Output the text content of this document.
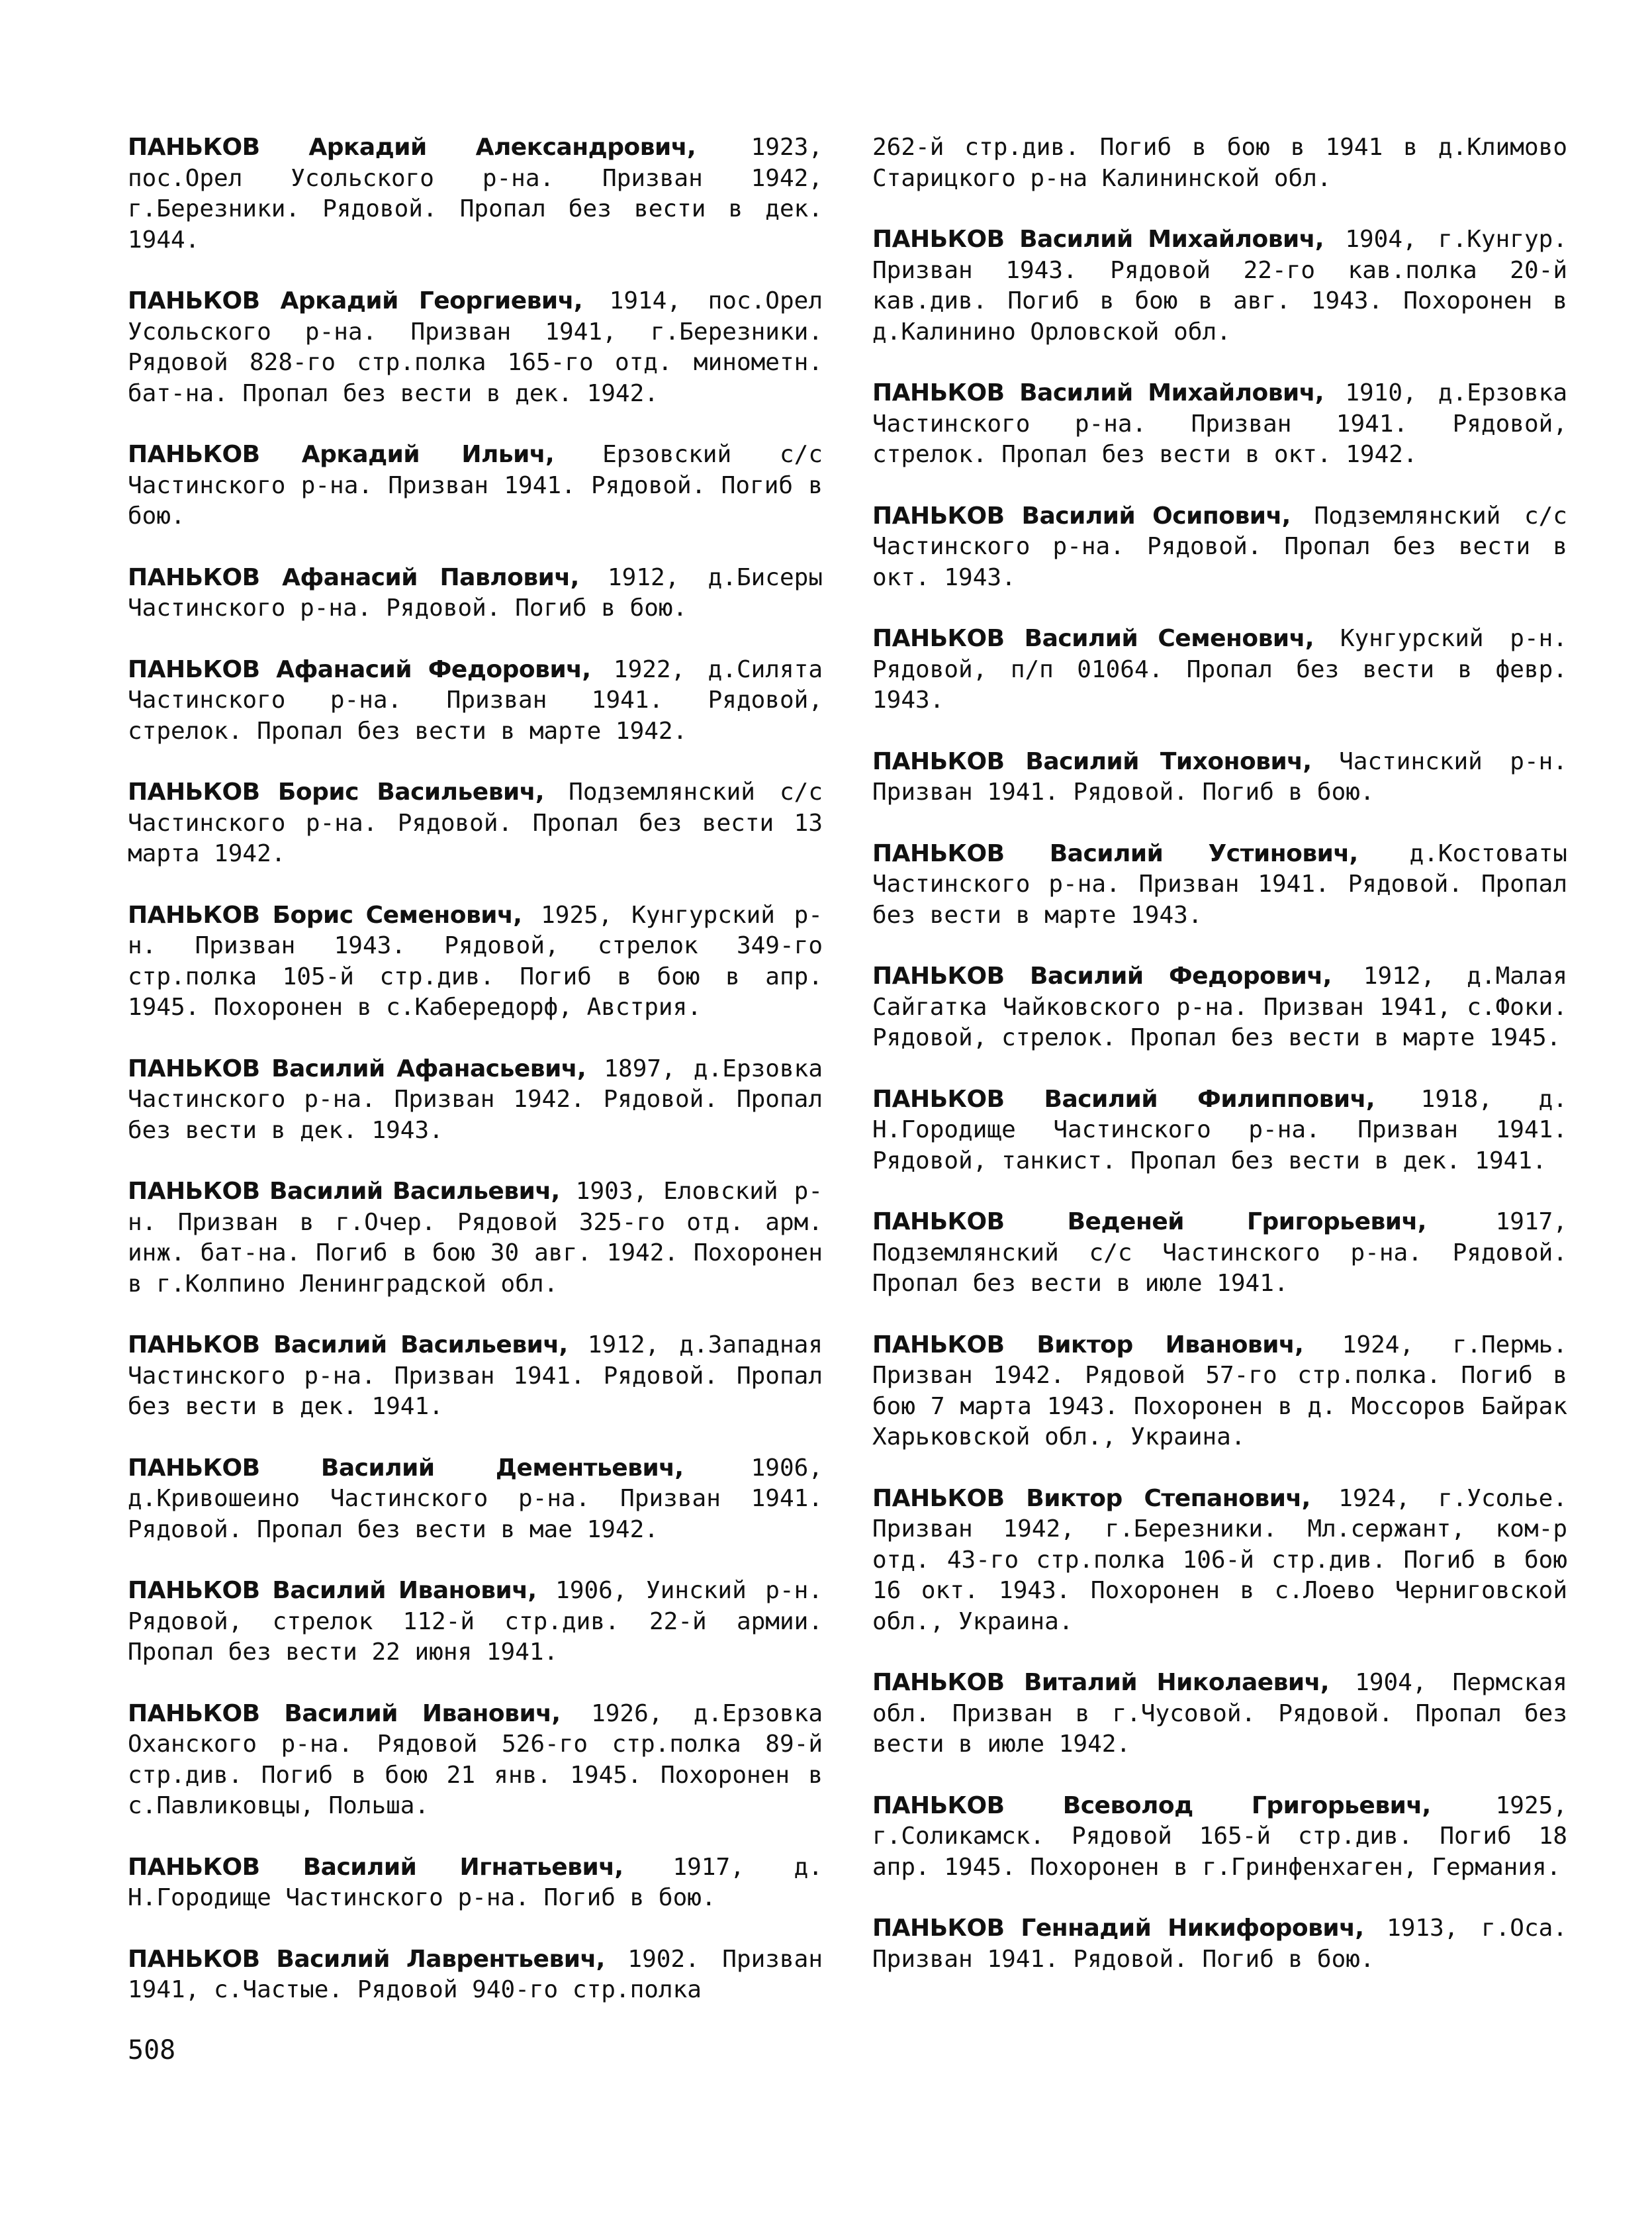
ПАНЬКОВ Аркадий Александрович, 1923, пос.Орел Усольского р-на. Призван 1942, г.Березники. Рядовой. Пропал без вести в дек. 1944.

ПАНЬКОВ Аркадий Георгиевич, 1914, пос.Орел Усольского р-на. Призван 1941, г.Березники. Рядовой 828-го стр.полка 165-го отд. минометн. бат-на. Пропал без вести в дек. 1942.

ПАНЬКОВ Аркадий Ильич, Ерзовский с/с Частинского р-на. Призван 1941. Рядовой. Погиб в бою.

ПАНЬКОВ Афанасий Павлович, 1912, д.Бисеры Частинского р-на. Рядовой. Погиб в бою.

ПАНЬКОВ Афанасий Федорович, 1922, д.Силята Частинского р-на. Призван 1941. Рядовой, стрелок. Пропал без вести в марте 1942.

ПАНЬКОВ Борис Васильевич, Подземлянский с/с Частинского р-на. Рядовой. Пропал без вести 13 марта 1942.

ПАНЬКОВ Борис Семенович, 1925, Кунгурский р-н. Призван 1943. Рядовой, стрелок 349-го стр.полка 105-й стр.див. Погиб в бою в апр. 1945. Похоронен в с.Кабередорф, Австрия.

ПАНЬКОВ Василий Афанасьевич, 1897, д.Ерзовка Частинского р-на. Призван 1942. Рядовой. Пропал без вести в дек. 1943.

ПАНЬКОВ Василий Васильевич, 1903, Еловский р-н. Призван в г.Очер. Рядовой 325-го отд. арм. инж. бат-на. Погиб в бою 30 авг. 1942. Похоронен в г.Колпино Ленинградской обл.

ПАНЬКОВ Василий Васильевич, 1912, д.Западная Частинского р-на. Призван 1941. Рядовой. Пропал без вести в дек. 1941.

ПАНЬКОВ Василий Дементьевич,	1906, д.Кривошеино Частинского р-на. Призван 1941. Рядовой. Пропал без вести в мае 1942.

ПАНЬКОВ Василий Иванович, 1906, Уинский р-н. Рядовой, стрелок 112-й стр.див. 22-й армии. Пропал без вести 22 июня 1941.

ПАНЬКОВ Василий Иванович, 1926, д.Ерзовка Оханского р-на. Рядовой 526-го стр.полка 89-й стр.див. Погиб в бою 21 янв. 1945. Похоронен в с.Павликовцы, Польша.

ПАНЬКОВ Василий Игнатьевич, 1917, д. Н.Городище Частинского р-на. Погиб в бою.

ПАНЬКОВ Василий Лаврентьевич, 1902. Призван 1941, с.Частые. Рядовой 940-го стр.полка

262-й стр.див. Погиб в бою в 1941 в д.Климово Старицкого р-на Калининской обл.

ПАНЬКОВ Василий Михайлович, 1904, г.Кунгур. Призван 1943. Рядовой 22-го кав.полка 20-й кав.див. Погиб в бою в авг. 1943. Похоронен в д.Калинино Орловской обл.

ПАНЬКОВ Василий Михайлович, 1910, д.Ерзовка Частинского р-на. Призван 1941. Рядовой, стрелок. Пропал без вести в окт. 1942.

ПАНЬКОВ Василий Осипович, Подземлянский с/с Частинского р-на. Рядовой. Пропал без вести в окт. 1943.

ПАНЬКОВ Василий Семенович, Кунгурский р-н. Рядовой, п/п 01064. Пропал без вести в февр. 1943.

ПАНЬКОВ Василий Тихонович, Частинский р-н. Призван 1941. Рядовой. Погиб в бою.

ПАНЬКОВ Василий Устинович, д.Костоваты Частинского р-на. Призван 1941. Рядовой. Пропал без вести в марте 1943.

ПАНЬКОВ Василий Федорович, 1912, д.Малая Сайгатка Чайковского р-на. Призван 1941, с.Фоки. Рядовой, стрелок. Пропал без вести в марте 1945.

ПАНЬКОВ Василий Филиппович, 1918, д. Н.Городище Частинского р-на. Призван 1941. Рядовой, танкист. Пропал без вести в дек. 1941.

ПАНЬКОВ Веденей Григорьевич,	1917, Подземлянский с/с Частинского р-на. Рядовой. Пропал без вести в июле 1941.

ПАНЬКОВ Виктор Иванович, 1924, г.Пермь. Призван 1942. Рядовой 57-го стр.полка. Погиб в бою 7 марта 1943. Похоронен в д. Моссоров Байрак Харьковской обл., Украина.

ПАНЬКОВ Виктор Степанович, 1924, г.Усолье. Призван 1942, г.Березники. Мл.сержант, ком-р отд. 43-го стр.полка 106-й стр.див. Погиб в бою 16 окт. 1943. Похоронен в с.Лоево Черниговской обл., Украина.

ПАНЬКОВ Виталий Николаевич, 1904, Пермская обл. Призван в г.Чусовой. Рядовой. Пропал без вести в июле 1942.

ПАНЬКОВ Всеволод Григорьевич,	1925, г.Соликамск. Рядовой 165-й стр.див. Погиб 18 апр. 1945. Похоронен в г.Гринфенхаген, Германия.

ПАНЬКОВ Геннадий Никифорович, 1913, г.Оса. Призван 1941. Рядовой. Погиб в бою.

508
